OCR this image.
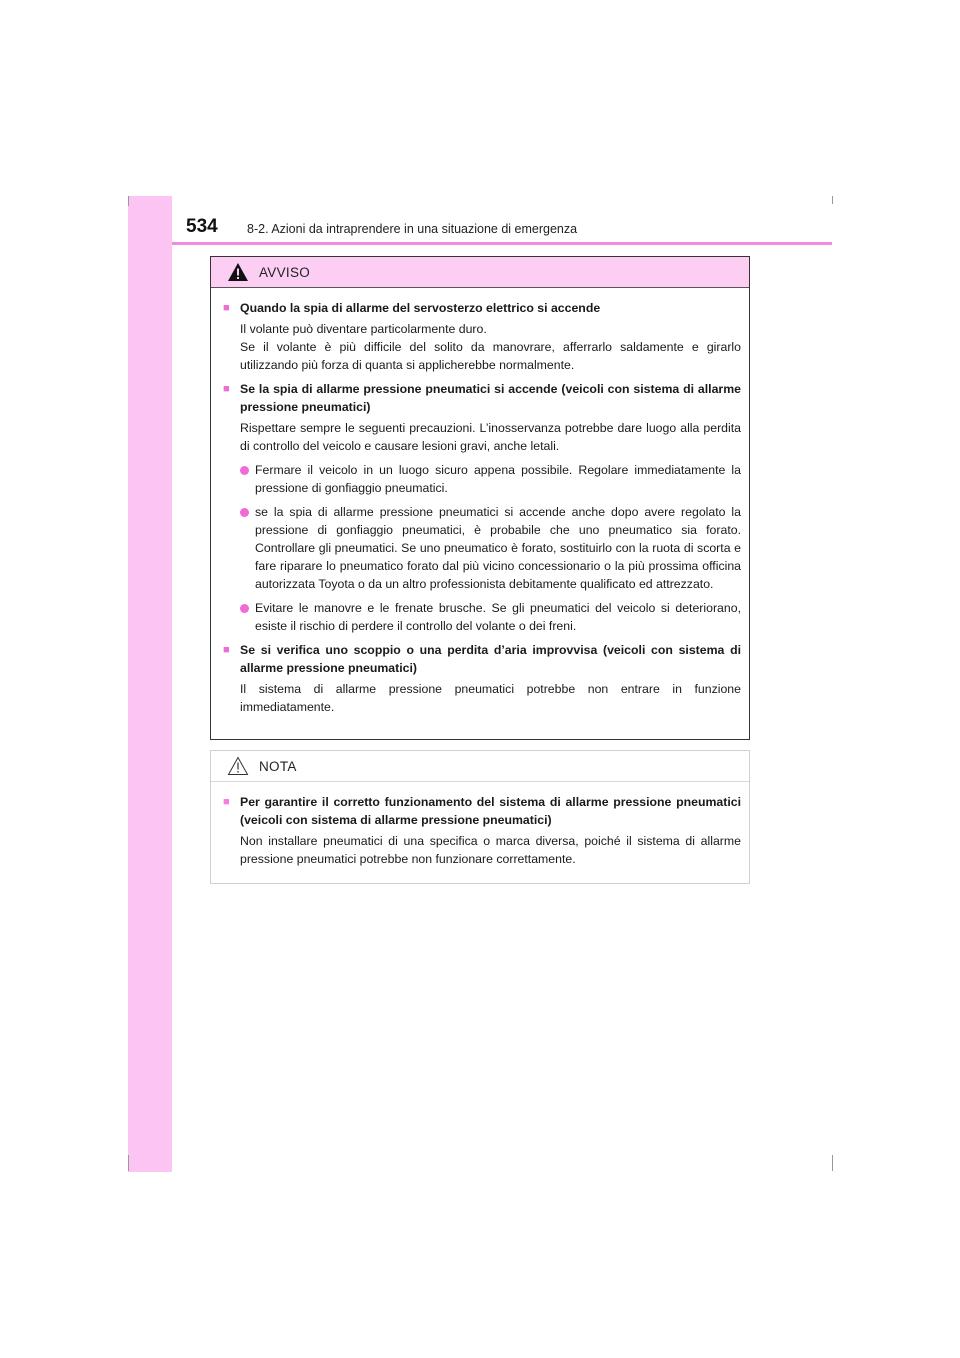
534 8-2. Azioni da intraprendere in una situazione di emergenza
AVVISO
■ Quando la spia di allarme del servosterzo elettrico si accende
Il volante può diventare particolarmente duro.
Se il volante è più difficile del solito da manovrare, afferrarlo saldamente e girarlo utilizzando più forza di quanta si applicherebbe normalmente.
■ Se la spia di allarme pressione pneumatici si accende (veicoli con sistema di allarme pressione pneumatici)
Rispettare sempre le seguenti precauzioni. L’inosservanza potrebbe dare luogo alla perdita di controllo del veicolo e causare lesioni gravi, anche letali.
Fermare il veicolo in un luogo sicuro appena possibile. Regolare immediatamente la pressione di gonfiaggio pneumatici.
se la spia di allarme pressione pneumatici si accende anche dopo avere regolato la pressione di gonfiaggio pneumatici, è probabile che uno pneumatico sia forato. Controllare gli pneumatici. Se uno pneumatico è forato, sostituirlo con la ruota di scorta e fare riparare lo pneumatico forato dal più vicino concessionario o la più prossima officina autorizzata Toyota o da un altro professionista debitamente qualificato ed attrezzato.
Evitare le manovre e le frenate brusche. Se gli pneumatici del veicolo si deteriorano, esiste il rischio di perdere il controllo del volante o dei freni.
■ Se si verifica uno scoppio o una perdita d’aria improvvisa (veicoli con sistema di allarme pressione pneumatici)
Il sistema di allarme pressione pneumatici potrebbe non entrare in funzione immediatamente.
NOTA
■ Per garantire il corretto funzionamento del sistema di allarme pressione pneumatici (veicoli con sistema di allarme pressione pneumatici)
Non installare pneumatici di una specifica o marca diversa, poiché il sistema di allarme pressione pneumatici potrebbe non funzionare correttamente.
